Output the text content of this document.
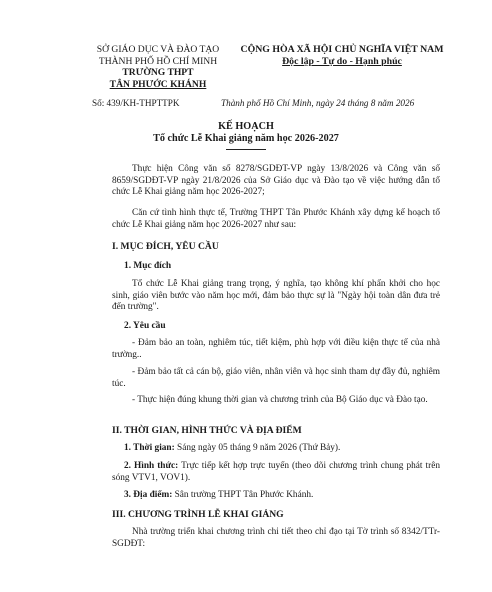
SỞ GIÁO DỤC VÀ ĐÀO TẠO
THÀNH PHỐ HỒ CHÍ MINH
TRƯỜNG THPT
TÂN PHƯỚC KHÁNH
CỘNG HÒA XÃ HỘI CHỦ NGHĨA VIỆT NAM
Độc lập - Tự do - Hạnh phúc
Số: 439/KH-THPTTPK	Thành phố Hồ Chí Minh, ngày 24 tháng 8 năm 2026
KẾ HOẠCH
Tổ chức Lễ Khai giảng năm học 2026-2027
Thực hiện Công văn số 8278/SGDĐT-VP ngày 13/8/2026 và Công văn số 8659/SGDĐT-VP ngày 21/8/2026 của Sở Giáo dục và Đào tạo về việc hướng dẫn tổ chức Lễ Khai giảng năm học 2026-2027;
Căn cứ tình hình thực tế, Trường THPT Tân Phước Khánh xây dựng kế hoạch tổ chức Lễ Khai giảng năm học 2026-2027 như sau:
I. MỤC ĐÍCH, YÊU CẦU
1. Mục đích
Tổ chức Lễ Khai giảng trang trọng, ý nghĩa, tạo không khí phấn khởi cho học sinh, giáo viên bước vào năm học mới, đảm bảo thực sự là "Ngày hội toàn dân đưa trẻ đến trường".
2. Yêu cầu
- Đảm bảo an toàn, nghiêm túc, tiết kiệm, phù hợp với điều kiện thực tế của nhà trường..
- Đảm bảo tất cả cán bộ, giáo viên, nhân viên và học sinh tham dự đầy đủ, nghiêm túc.
- Thực hiện đúng khung thời gian và chương trình của Bộ Giáo dục và Đào tạo.
II. THỜI GIAN, HÌNH THỨC VÀ ĐỊA ĐIỂM
1. Thời gian: Sáng ngày 05 tháng 9 năm 2026 (Thứ Bảy).
2. Hình thức: Trực tiếp kết hợp trực tuyến (theo dõi chương trình chung phát trên sóng VTV1, VOV1).
3. Địa điểm: Sân trường THPT Tân Phước Khánh.
III. CHƯƠNG TRÌNH LỄ KHAI GIẢNG
Nhà trường triển khai chương trình chi tiết theo chỉ đạo tại Tờ trình số 8342/TTr-SGDĐT:
